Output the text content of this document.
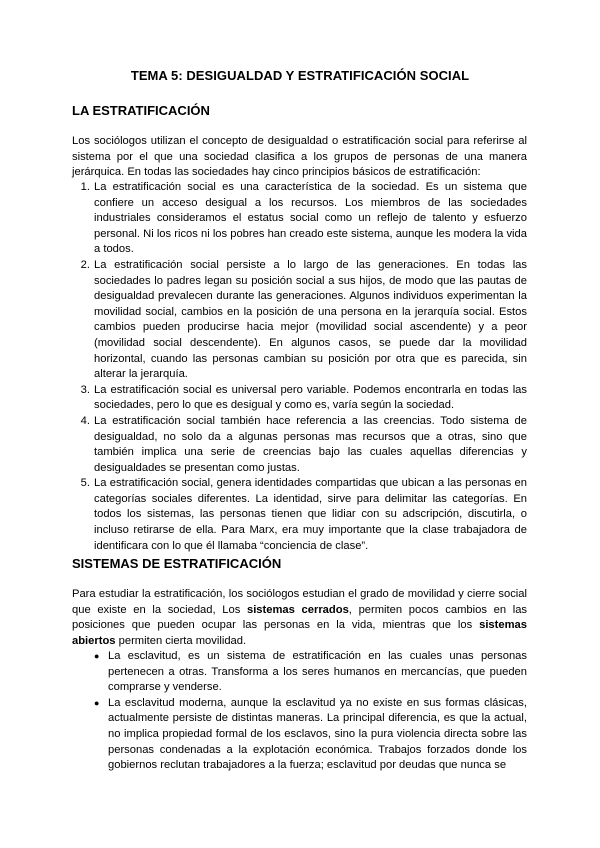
TEMA 5: DESIGUALDAD Y ESTRATIFICACIÓN SOCIAL
LA ESTRATIFICACIÓN

Los sociólogos utilizan el concepto de desigualdad o estratificación social para referirse al sistema por el que una sociedad clasifica a los grupos de personas de una manera jerárquica. En todas las sociedades hay cinco principios básicos de estratificación:

1. La estratificación social es una característica de la sociedad. Es un sistema que confiere un acceso desigual a los recursos. Los miembros de las sociedades industriales consideramos el estatus social como un reflejo de talento y esfuerzo personal. Ni los ricos ni los pobres han creado este sistema, aunque les modera la vida a todos.
2. La estratificación social persiste a lo largo de las generaciones. En todas las sociedades lo padres legan su posición social a sus hijos, de modo que las pautas de desigualdad prevalecen durante las generaciones. Algunos individuos experimentan la movilidad social, cambios en la posición de una persona en la jerarquía social. Estos cambios pueden producirse hacia mejor (movilidad social ascendente) y a peor (movilidad social descendente). En algunos casos, se puede dar la movilidad horizontal, cuando las personas cambian su posición por otra que es parecida, sin alterar la jerarquía.
3. La estratificación social es universal pero variable. Podemos encontrarla en todas las sociedades, pero lo que es desigual y como es, varía según la sociedad.
4. La estratificación social también hace referencia a las creencias. Todo sistema de desigualdad, no solo da a algunas personas mas recursos que a otras, sino que también implica una serie de creencias bajo las cuales aquellas diferencias y desigualdades se presentan como justas.
5. La estratificación social, genera identidades compartidas que ubican a las personas en categorías sociales diferentes. La identidad, sirve para delimitar las categorías. En todos los sistemas, las personas tienen que lidiar con su adscripción, discutirla, o incluso retirarse de ella. Para Marx, era muy importante que la clase trabajadora de identificara con lo que él llamaba “conciencia de clase”.
SISTEMAS DE ESTRATIFICACIÓN

Para estudiar la estratificación, los sociólogos estudian el grado de movilidad y cierre social que existe en la sociedad, Los sistemas cerrados, permiten pocos cambios en las posiciones que pueden ocupar las personas en la vida, mientras que los sistemas abiertos permiten cierta movilidad.

● La esclavitud, es un sistema de estratificación en las cuales unas personas pertenecen a otras. Transforma a los seres humanos en mercancías, que pueden comprarse y venderse.
● La esclavitud moderna, aunque la esclavitud ya no existe en sus formas clásicas, actualmente persiste de distintas maneras. La principal diferencia, es que la actual, no implica propiedad formal de los esclavos, sino la pura violencia directa sobre las personas condenadas a la explotación económica. Trabajos forzados donde los gobiernos reclutan trabajadores a la fuerza; esclavitud por deudas que nunca se
